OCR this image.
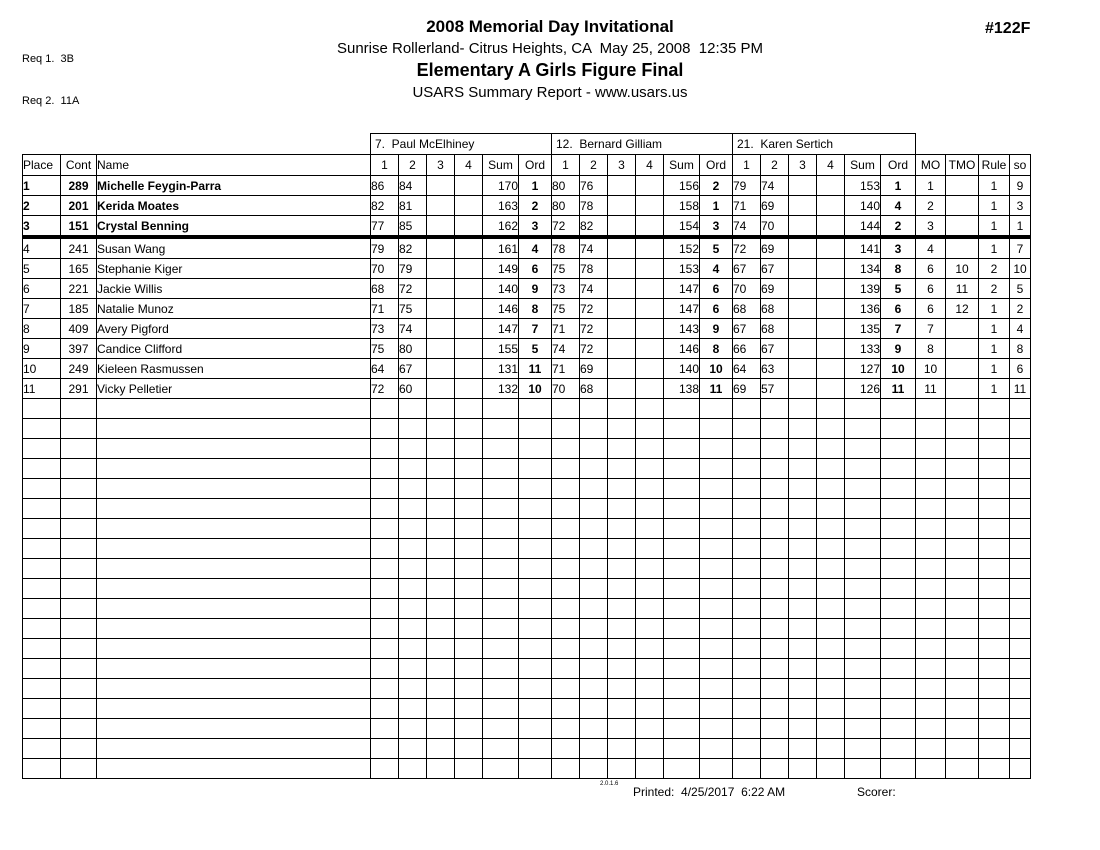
Req 1.  3B

Req 2.  11A

2008 Memorial Day Invitational
Sunrise Rollerland- Citrus Heights, CA  May 25, 2008  12:35 PM
Elementary A Girls Figure Final
USARS Summary Report - www.usars.us
#122F
			7.  Paul McElhiney						12.  Bernard Gilliam						21.  Karen Sertich									
Place	Cont	Name	1	2	3	4	Sum	Ord	1	2	3	4	Sum	Ord	1	2	3	4	Sum	Ord	MO	TMO	Rule	so
1	289	Michelle Feygin-Parra	86	84			170	1	80	76			156	2	79	74			153	1	1		1	9
2	201	Kerida Moates	82	81			163	2	80	78			158	1	71	69			140	4	2		1	3
3	151	Crystal Benning	77	85			162	3	72	82			154	3	74	70			144	2	3		1	1
4	241	Susan Wang	79	82			161	4	78	74			152	5	72	69			141	3	4		1	7
5	165	Stephanie Kiger	70	79			149	6	75	78			153	4	67	67			134	8	6	10	2	10
6	221	Jackie Willis	68	72			140	9	73	74			147	6	70	69			139	5	6	11	2	5
7	185	Natalie Munoz	71	75			146	8	75	72			147	6	68	68			136	6	6	12	1	2
8	409	Avery Pigford	73	74			147	7	71	72			143	9	67	68			135	7	7		1	4
9	397	Candice Clifford	75	80			155	5	74	72			146	8	66	67			133	9	8		1	8
10	249	Kieleen Rasmussen	64	67			131	11	71	69			140	10	64	63			127	10	10		1	6
11	291	Vicky Pelletier	72	60			132	10	70	68			138	11	69	57			126	11	11		1	11

2.0.1.6
Printed:  4/25/2017  6:22 AM	Scorer:
